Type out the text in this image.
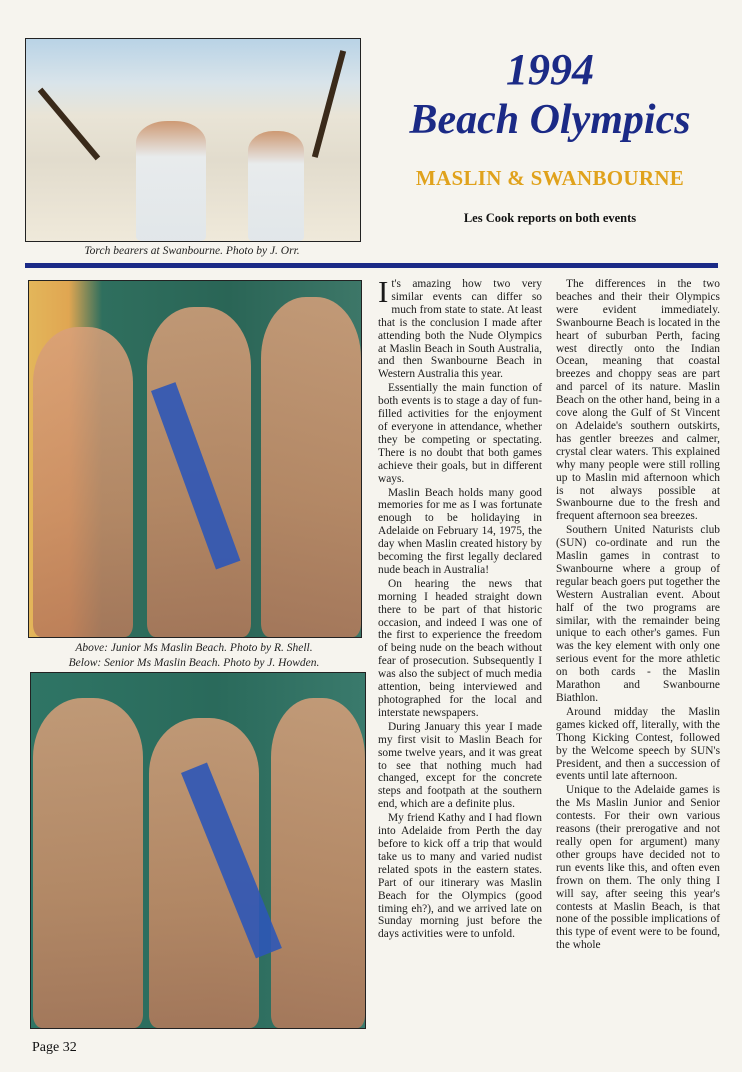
Torch bearers at Swanbourne. Photo by J. Orr.
Above: Junior Ms Maslin Beach. Photo by R. Shell.
Below: Senior Ms Maslin Beach. Photo by J. Howden.
1994
Beach Olympics
MASLIN & SWANBOURNE
Les Cook reports on both events

It's amazing how two very similar events can differ so much from state to state. At least that is the conclusion I made after attending both the Nude Olympics at Maslin Beach in South Australia, and then Swanbourne Beach in Western Australia this year.

Essentially the main function of both events is to stage a day of fun-filled activities for the enjoyment of everyone in attendance, whether they be competing or spectating. There is no doubt that both games achieve their goals, but in different ways.

Maslin Beach holds many good memories for me as I was fortunate enough to be holidaying in Adelaide on February 14, 1975, the day when Maslin created history by becoming the first legally declared nude beach in Australia!

On hearing the news that morning I headed straight down there to be part of that historic occasion, and indeed I was one of the first to experience the freedom of being nude on the beach without fear of prosecution. Subsequently I was also the subject of much media attention, being interviewed and photographed for the local and interstate newspapers.

During January this year I made my first visit to Maslin Beach for some twelve years, and it was great to see that nothing much had changed, except for the concrete steps and footpath at the southern end, which are a definite plus.

My friend Kathy and I had flown into Adelaide from Perth the day before to kick off a trip that would take us to many and varied nudist related spots in the eastern states. Part of our itinerary was Maslin Beach for the Olympics (good timing eh?), and we arrived late on Sunday morning just before the days activities were to unfold.

The differences in the two beaches and their their Olympics were evident immediately. Swanbourne Beach is located in the heart of suburban Perth, facing west directly onto the Indian Ocean, meaning that coastal breezes and choppy seas are part and parcel of its nature. Maslin Beach on the other hand, being in a cove along the Gulf of St Vincent on Adelaide's southern outskirts, has gentler breezes and calmer, crystal clear waters. This explained why many people were still rolling up to Maslin mid afternoon which is not always possible at Swanbourne due to the fresh and frequent afternoon sea breezes.

Southern United Naturists club (SUN) co-ordinate and run the Maslin games in contrast to Swanbourne where a group of regular beach goers put together the Western Australian event. About half of the two programs are similar, with the remainder being unique to each other's games. Fun was the key element with only one serious event for the more athletic on both cards - the Maslin Marathon and Swanbourne Biathlon.

Around midday the Maslin games kicked off, literally, with the Thong Kicking Contest, followed by the Welcome speech by SUN's President, and then a succession of events until late afternoon.

Unique to the Adelaide games is the Ms Maslin Junior and Senior contests. For their own various reasons (their prerogative and not really open for argument) many other groups have decided not to run events like this, and often even frown on them. The only thing I will say, after seeing this year's contests at Maslin Beach, is that none of the possible implications of this type of event were to be found, the whole

Page 32
